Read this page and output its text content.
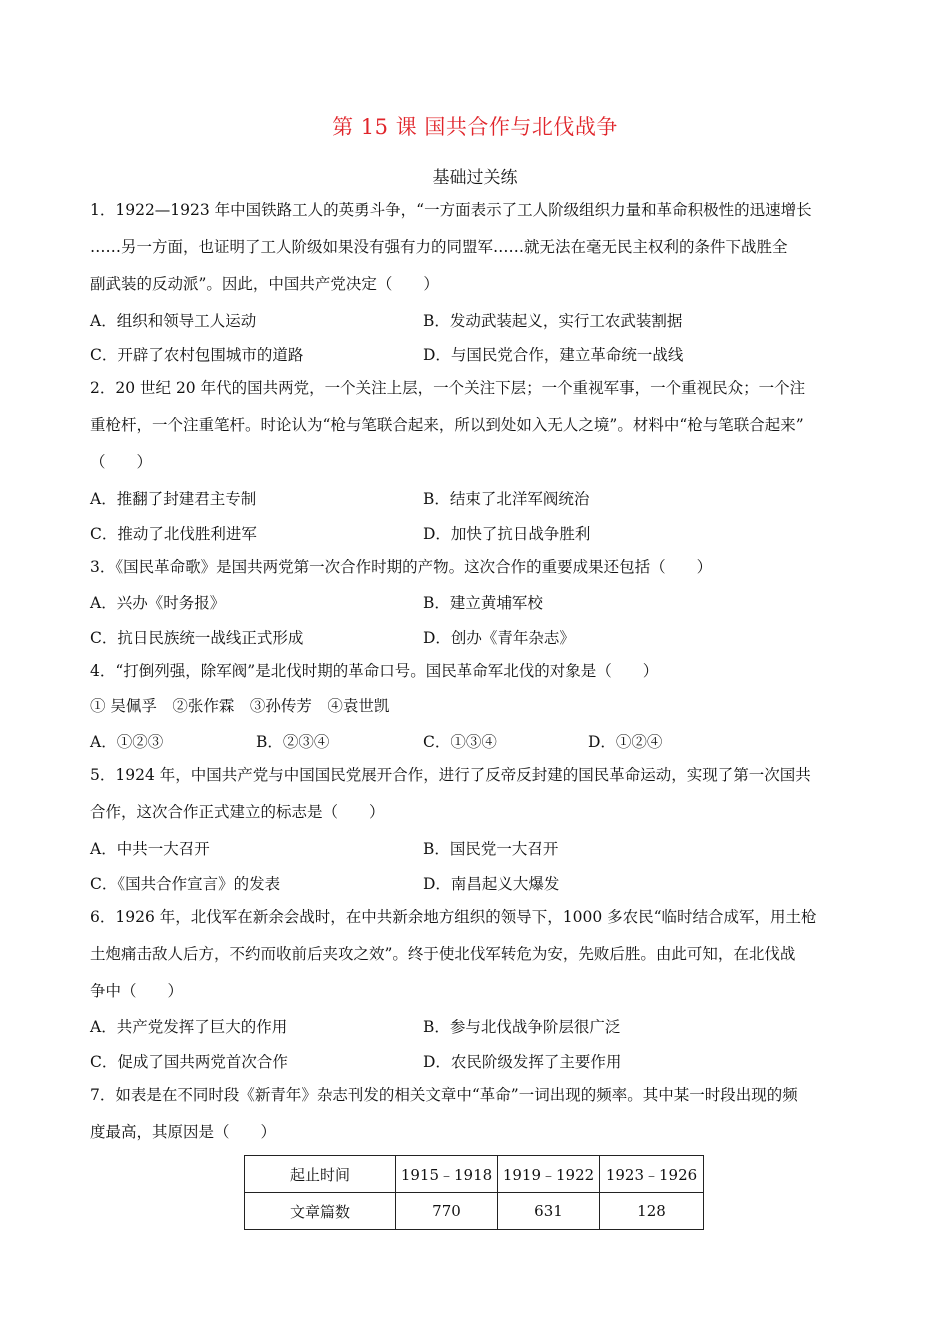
第 15 课 国共合作与北伐战争
基础过关练
1．1922—1923 年中国铁路工人的英勇斗争，“一方面表示了工人阶级组织力量和革命积极性的迅速增长
……另一方面，也证明了工人阶级如果没有强有力的同盟军……就无法在毫无民主权利的条件下战胜全
副武装的反动派”。因此，中国共产党决定（　　）
A．组织和领导工人运动	B．发动武装起义，实行工农武装割据
C．开辟了农村包围城市的道路	D．与国民党合作，建立革命统一战线
2．20 世纪 20 年代的国共两党，一个关注上层，一个关注下层；一个重视军事，一个重视民众；一个注
重枪杆，一个注重笔杆。时论认为“枪与笔联合起来，所以到处如入无人之境”。材料中“枪与笔联合起来”
（　　）
A．推翻了封建君主专制	B．结束了北洋军阀统治
C．推动了北伐胜利进军	D．加快了抗日战争胜利
3．《国民革命歌》是国共两党第一次合作时期的产物。这次合作的重要成果还包括（　　）
A．兴办《时务报》	B．建立黄埔军校
C．抗日民族统一战线正式形成	D．创办《青年杂志》
4．“打倒列强，除军阀”是北伐时期的革命口号。国民革命军北伐的对象是（　　）
① 吴佩孚　②张作霖　③孙传芳　④袁世凯
A．①②③	B．②③④	C．①③④	D．①②④
5．1924 年，中国共产党与中国国民党展开合作，进行了反帝反封建的国民革命运动，实现了第一次国共
合作，这次合作正式建立的标志是（　　）
A．中共一大召开	B．国民党一大召开
C．《国共合作宣言》的发表	D．南昌起义大爆发
6．1926 年，北伐军在新余会战时，在中共新余地方组织的领导下，1000 多农民“临时结合成军，用土枪
土炮痛击敌人后方，不约而收前后夹攻之效”。终于使北伐军转危为安，先败后胜。由此可知，在北伐战
争中（　　）
A．共产党发挥了巨大的作用	B．参与北伐战争阶层很广泛
C．促成了国共两党首次合作	D．农民阶级发挥了主要作用
7．如表是在不同时段《新青年》杂志刊发的相关文章中“革命”一词出现的频率。其中某一时段出现的频
度最高，其原因是（　　）
起止时间	1915﹣1918	1919﹣1922	1923﹣1926
文章篇数	770	631	128
